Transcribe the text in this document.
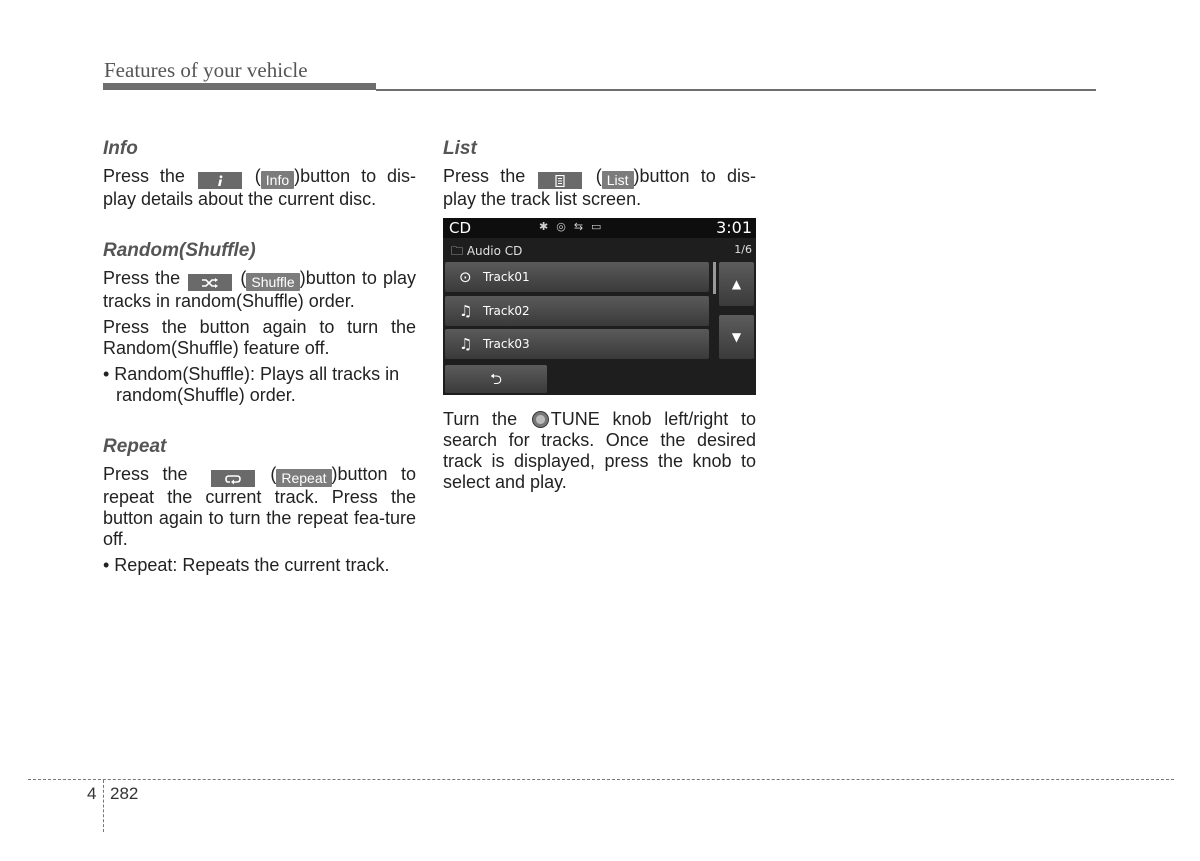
Features of your vehicle
Info

Press the	( Info )button to dis-play details about the current disc.

Random(Shuffle)

Press the	( Shuffle )button to play tracks in random(Shuffle) order.

Press the button again to turn the Random(Shuffle) feature off.

• Random(Shuffle): Plays all tracks in random(Shuffle) order.

Repeat

Press the	( Repeat )button to repeat the current track. Press the button again to turn the repeat fea-ture off.

• Repeat: Repeats the current track.

List

Press the	( List )button to dis-play the track list screen.

CD	✱◎⇆▭	3:01
🗀 Audio CD	1/6
⊙ Track01
♫ Track02
♫ Track03
▲
▼
⮌

Turn the TUNE knob left/right to search for tracks. Once the desired track is displayed, press the knob to select and play.

4 282
